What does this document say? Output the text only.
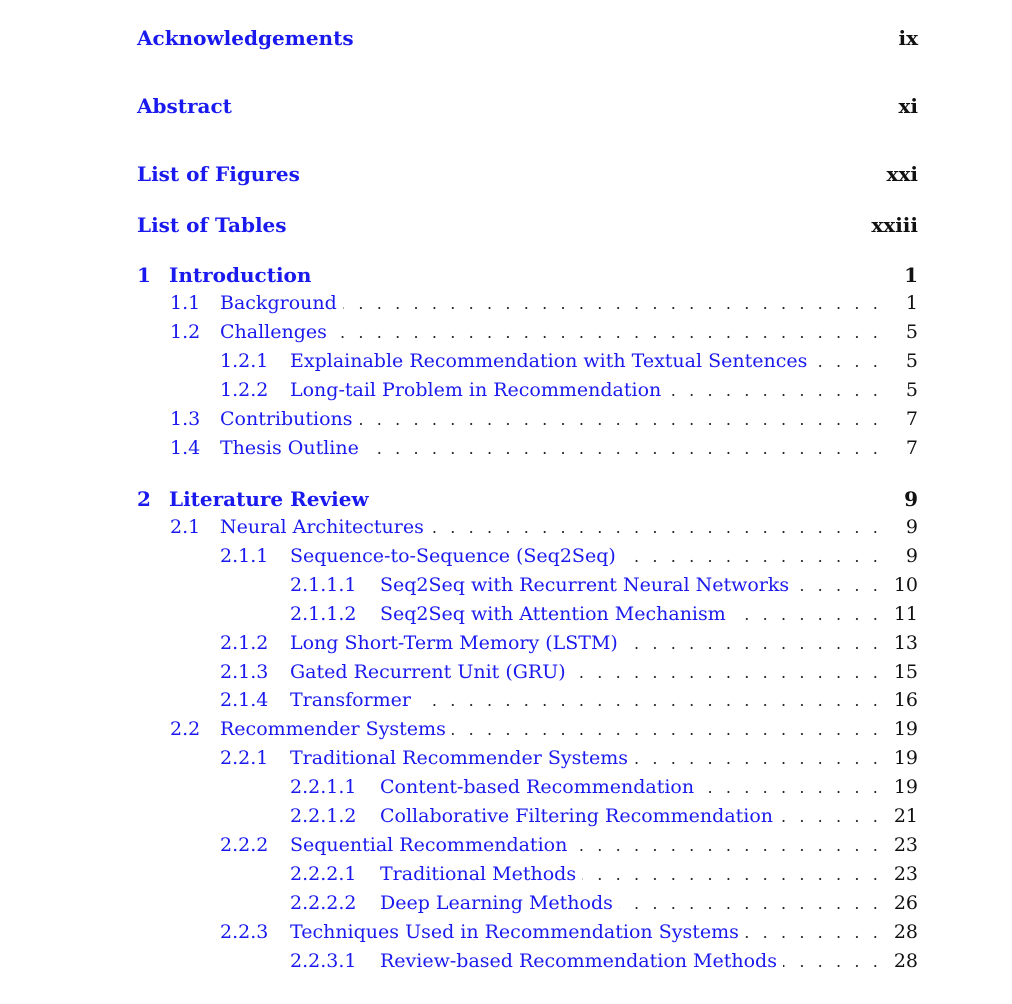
Acknowledgements	ix
Abstract	xi
List of Figures	xxi
List of Tables	xxiii
1 Introduction	1
1.1	Background . . .	1
1.2	Challenges . . .	5
1.2.1	Explainable Recommendation with Textual Sentences . . .	5
1.2.2	Long-tail Problem in Recommendation . . .	5
1.3	Contributions . . .	7
1.4	Thesis Outline . . .	7
2 Literature Review	9
2.1	Neural Architectures . . .	9
2.1.1	Sequence-to-Sequence (Seq2Seq) . . .	9
2.1.1.1	Seq2Seq with Recurrent Neural Networks . . .	10
2.1.1.2	Seq2Seq with Attention Mechanism . . .	11
2.1.2	Long Short-Term Memory (LSTM) . . .	13
2.1.3	Gated Recurrent Unit (GRU) . . .	15
2.1.4	Transformer . . .	16
2.2	Recommender Systems . . .	19
2.2.1	Traditional Recommender Systems . . .	19
2.2.1.1	Content-based Recommendation . . .	19
2.2.1.2	Collaborative Filtering Recommendation . . .	21
2.2.2	Sequential Recommendation . . .	23
2.2.2.1	Traditional Methods . . .	23
2.2.2.2	Deep Learning Methods . . .	26
2.2.3	Techniques Used in Recommendation Systems . . .	28
2.2.3.1	Review-based Recommendation Methods . . .	28
